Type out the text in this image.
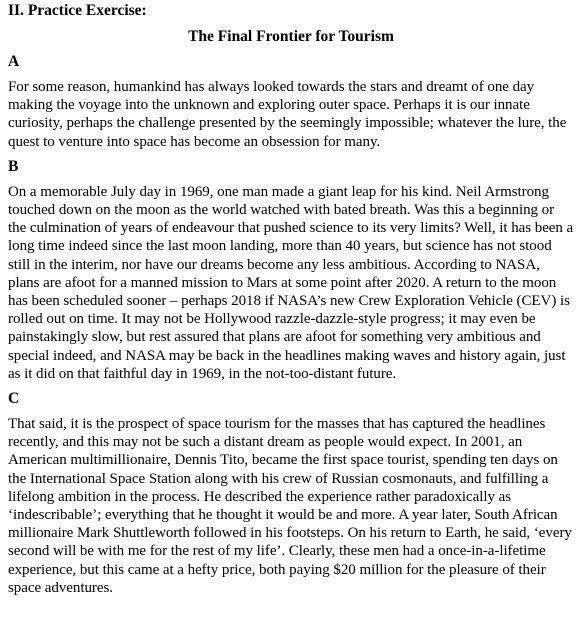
II. Practice Exercise:

The Final Frontier for Tourism

A

For some reason, humankind has always looked towards the stars and dreamt of one day making the voyage into the unknown and exploring outer space. Perhaps it is our innate curiosity, perhaps the challenge presented by the seemingly impossible; whatever the lure, the quest to venture into space has become an obsession for many.

B

On a memorable July day in 1969, one man made a giant leap for his kind. Neil Armstrong touched down on the moon as the world watched with bated breath. Was this a beginning or the culmination of years of endeavour that pushed science to its very limits? Well, it has been a long time indeed since the last moon landing, more than 40 years, but science has not stood still in the interim, nor have our dreams become any less ambitious. According to NASA, plans are afoot for a manned mission to Mars at some point after 2020. A return to the moon has been scheduled sooner – perhaps 2018 if NASA’s new Crew Exploration Vehicle (CEV) is rolled out on time. It may not be Hollywood razzle-dazzle-style progress; it may even be painstakingly slow, but rest assured that plans are afoot for something very ambitious and special indeed, and NASA may be back in the headlines making waves and history again, just as it did on that faithful day in 1969, in the not-too-distant future.

C

That said, it is the prospect of space tourism for the masses that has captured the headlines recently, and this may not be such a distant dream as people would expect. In 2001, an American multimillionaire, Dennis Tito, became the first space tourist, spending ten days on the International Space Station along with his crew of Russian cosmonauts, and fulfilling a lifelong ambition in the process. He described the experience rather paradoxically as ‘indescribable’; everything that he thought it would be and more. A year later, South African millionaire Mark Shuttleworth followed in his footsteps. On his return to Earth, he said, ‘every second will be with me for the rest of my life’. Clearly, these men had a once-in-a-lifetime experience, but this came at a hefty price, both paying $20 million for the pleasure of their space adventures.
